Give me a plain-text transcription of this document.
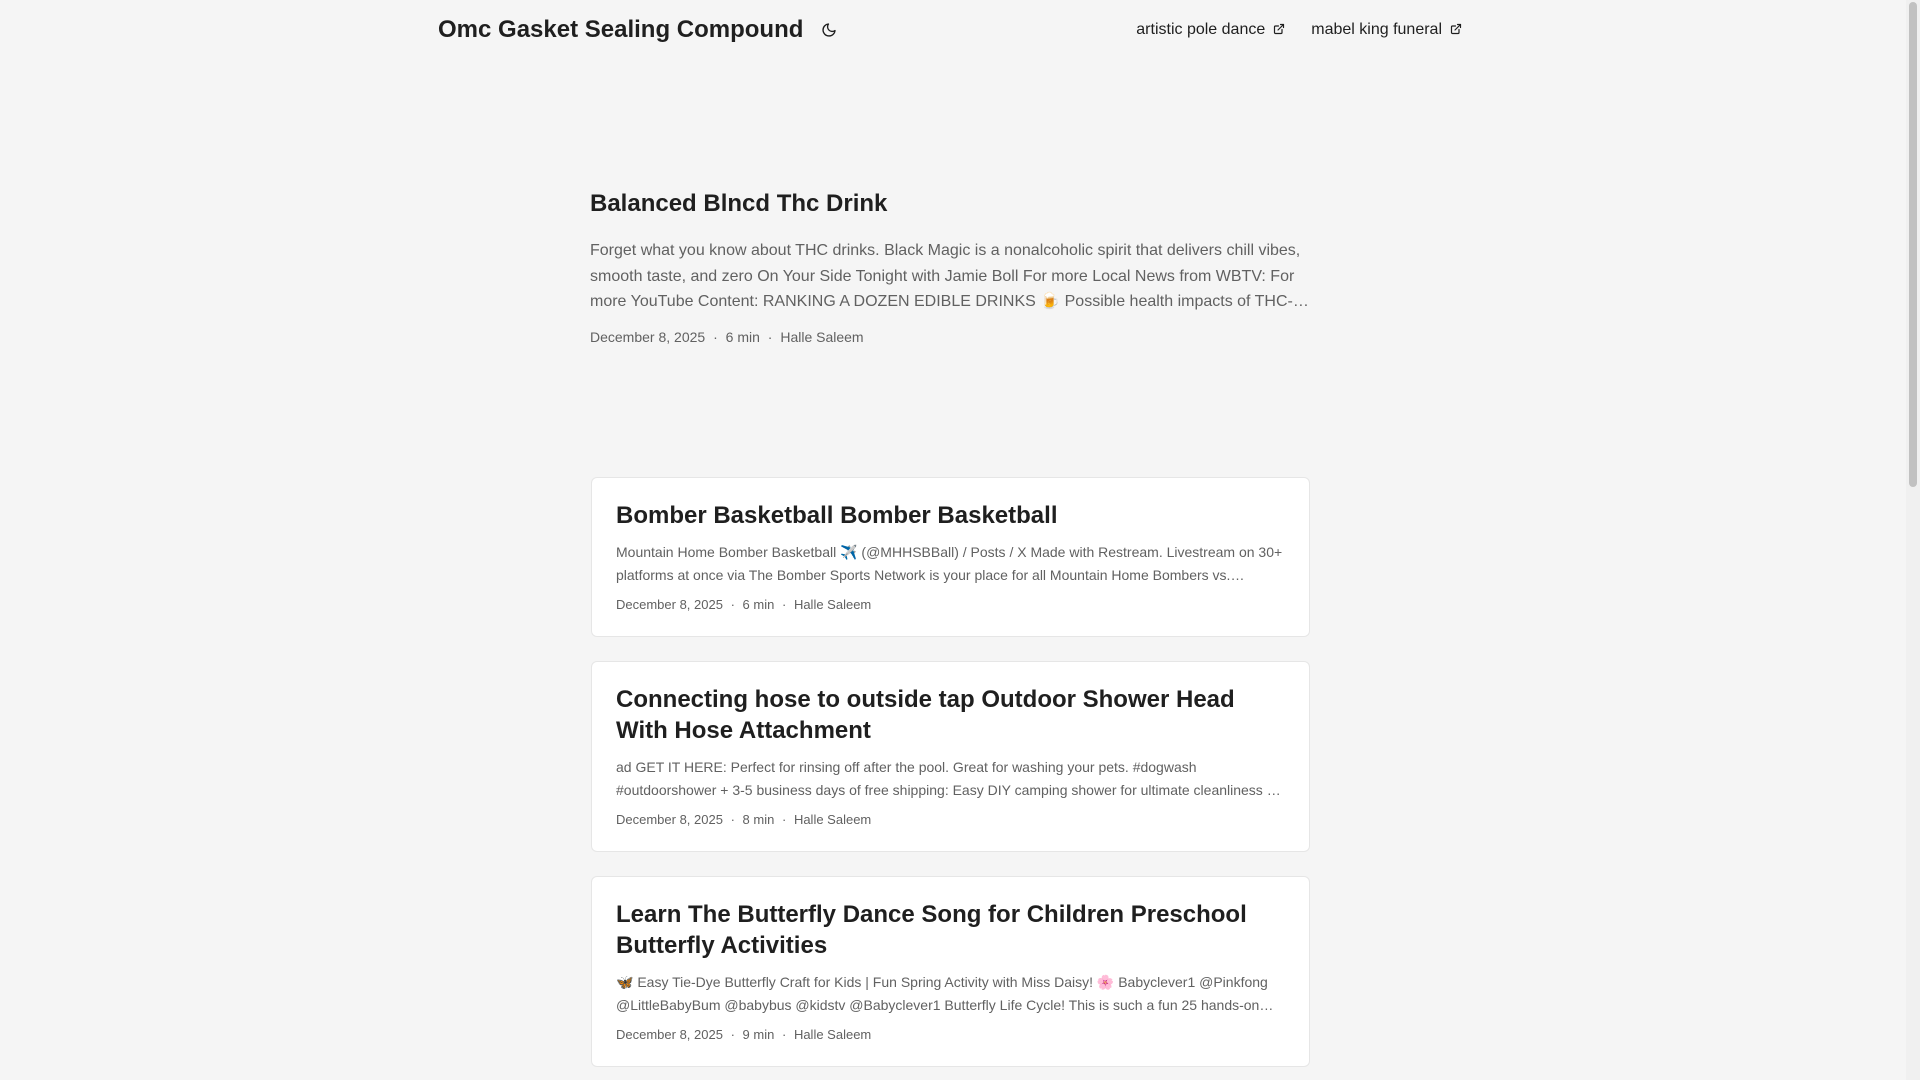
Omc Gasket Sealing Compound	artistic pole dance	mabel king funeral
Balanced Blncd Thc Drink

Forget what you know about THC drinks. Black Magic is a nonalcoholic spirit that delivers chill vibes, smooth taste, and zero On Your Side Tonight with Jamie Boll For more Local News from WBTV: For more YouTube Content: RANKING A DOZEN EDIBLE DRINKS 🍺 Possible health impacts of THC-…

December 8, 2025 · 6 min · Halle Saleem
Bomber Basketball Bomber Basketball

Mountain Home Bomber Basketball ✈️ (@MHHSBBall) / Posts / X Made with Restream. Livestream on 30+ platforms at once via The Bomber Sports Network is your place for all Mountain Home Bombers vs.…

December 8, 2025 · 6 min · Halle Saleem
Connecting hose to outside tap Outdoor Shower Head With Hose Attachment

ad GET IT HERE: Perfect for rinsing off after the pool. Great for washing your pets. #dogwash #outdoorshower + 3-5 business days of free shipping: Easy DIY camping shower for ultimate cleanliness …

December 8, 2025 · 8 min · Halle Saleem
Learn The Butterfly Dance Song for Children Preschool Butterfly Activities

🦋 Easy Tie-Dye Butterfly Craft for Kids | Fun Spring Activity with Miss Daisy! 🌸 Babyclever1 @Pinkfong @LittleBabyBum @babybus @kidstv @Babyclever1 Butterfly Life Cycle! This is such a fun 25 hands-on…

December 8, 2025 · 9 min · Halle Saleem
